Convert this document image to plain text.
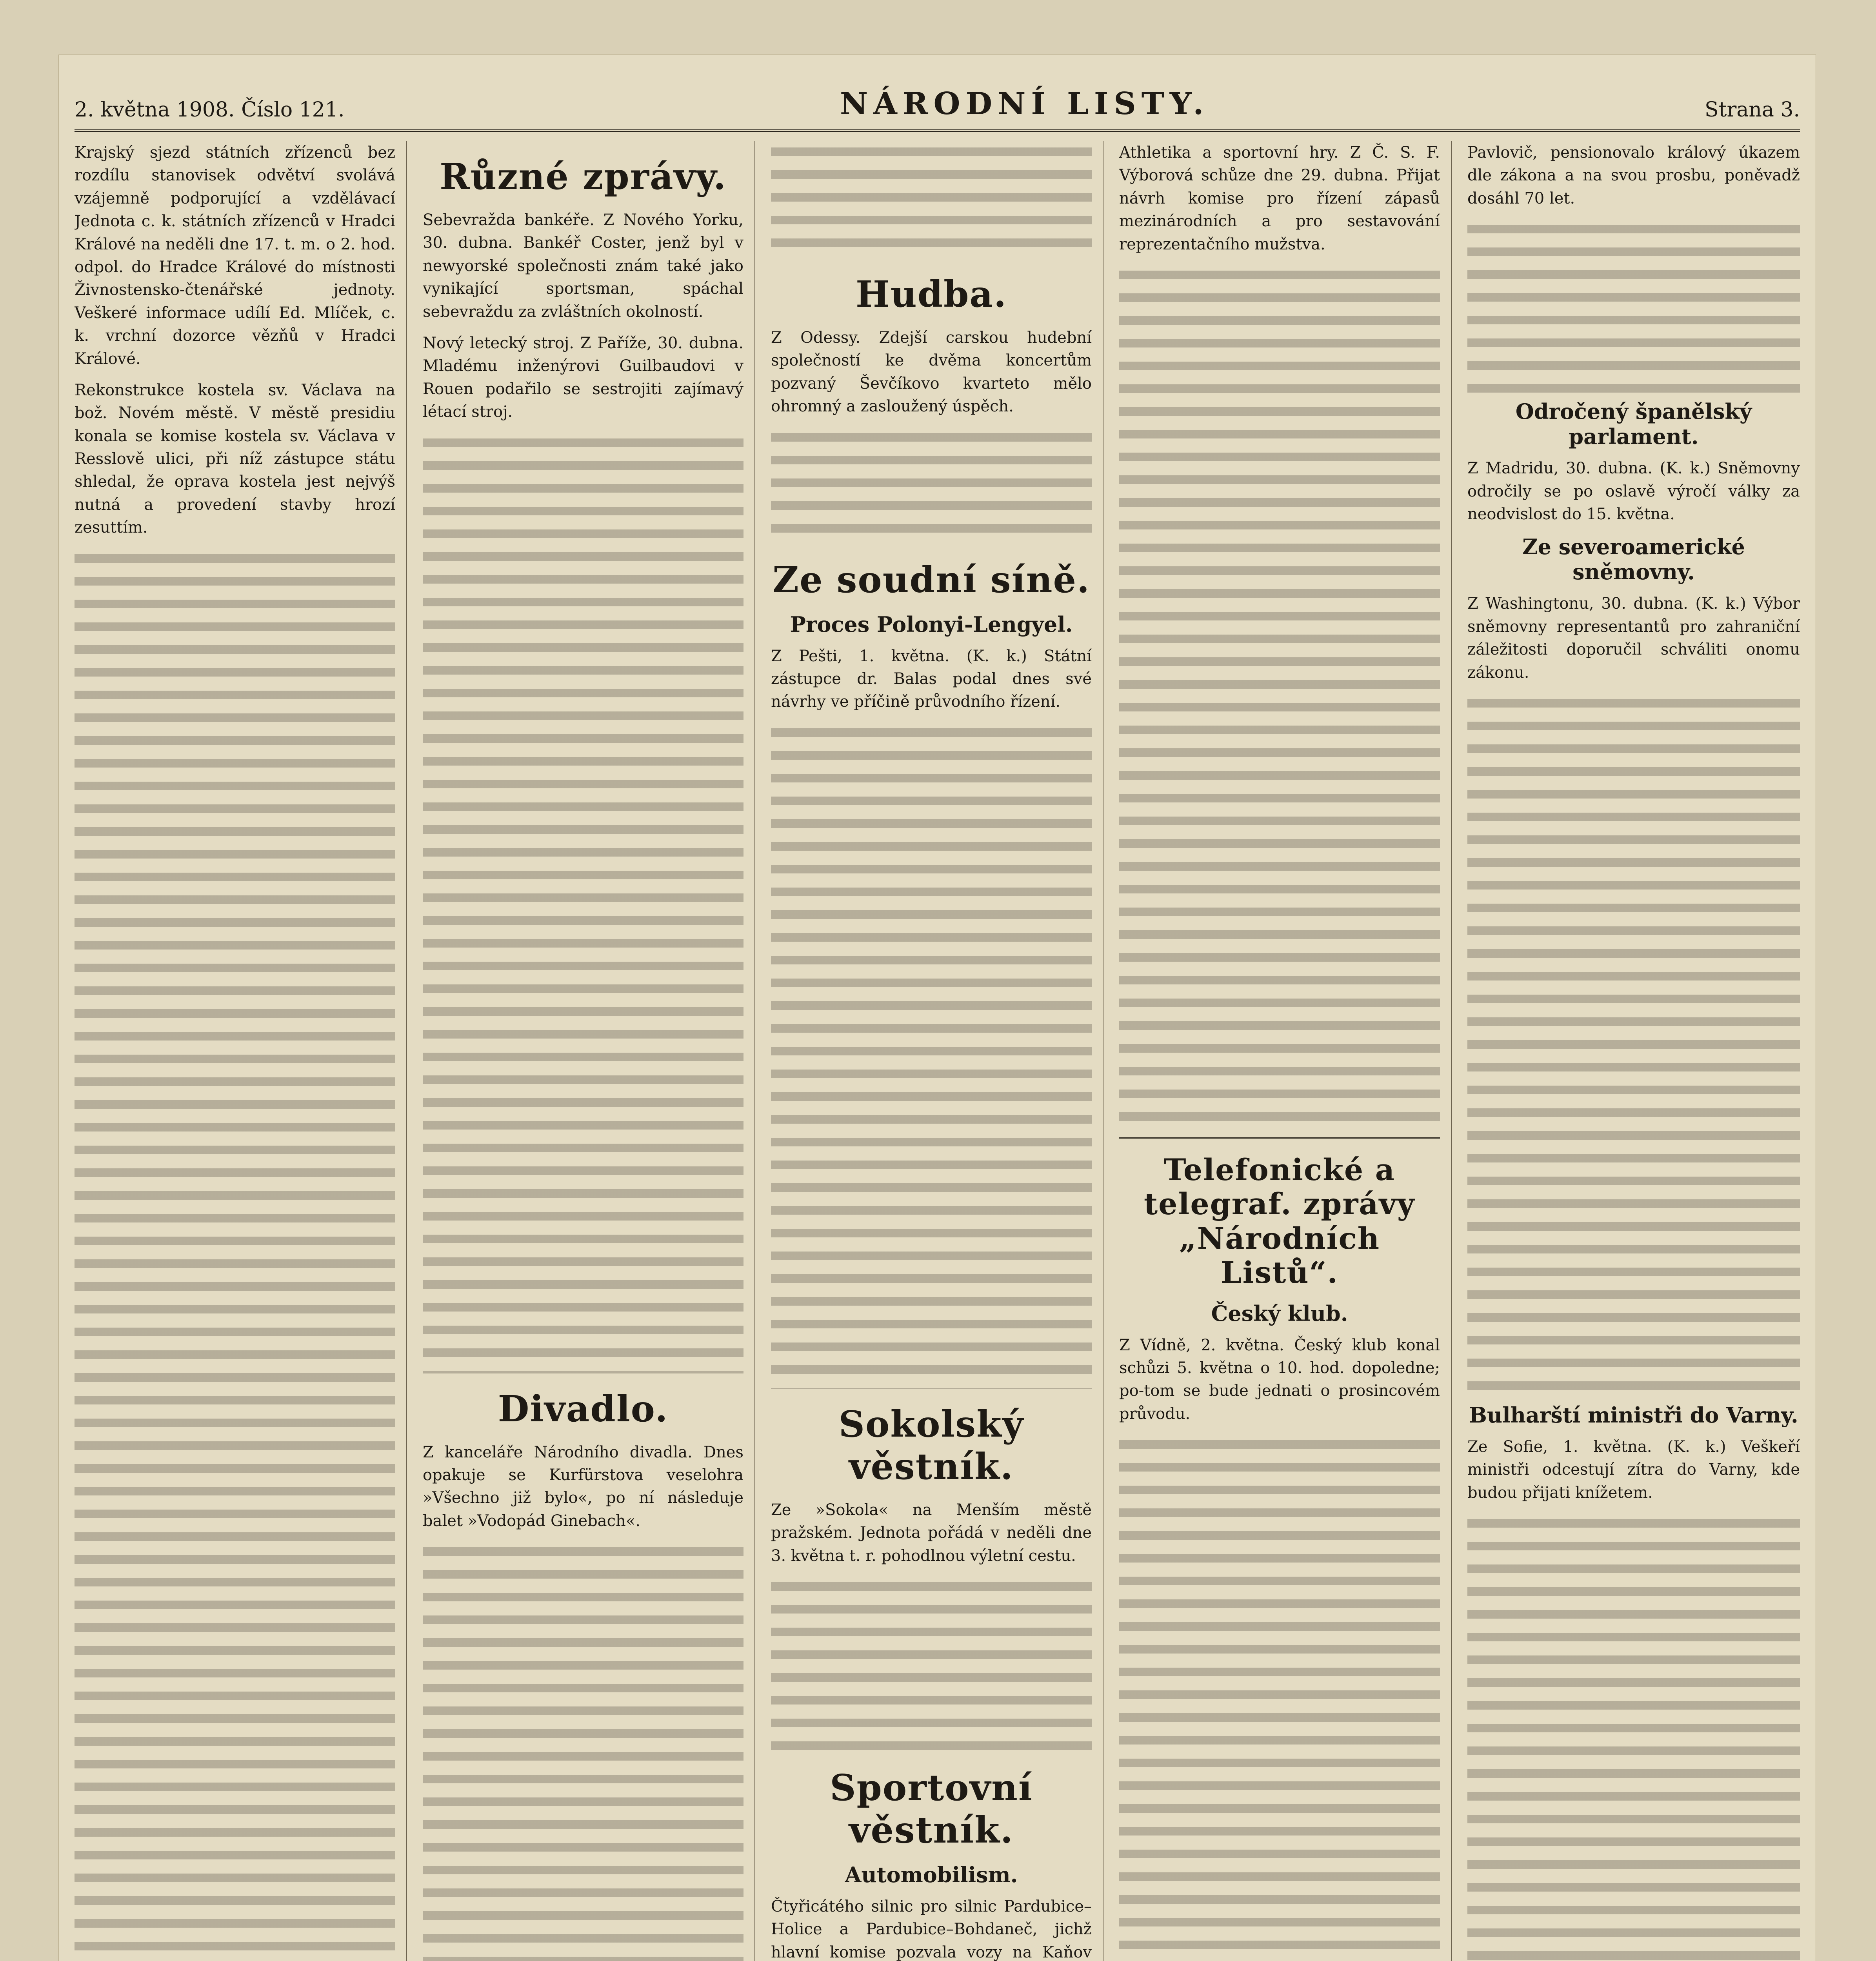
2. května 1908. Číslo 121.	NÁRODNÍ LISTY.	Strana 3.

Krajský sjezd státních zřízenců bez rozdílu stanovisek odvětví svolává vzájemně podporující a vzdělávací Jednota c. k. státních zřízenců v Hradci Králové na neděli dne 17. t. m. o 2. hod. odpol. do Hradce Králové do místnosti Živnostensko-čtenářské jednoty. Veškeré informace udílí Ed. Mlíček, c. k. vrchní dozorce vězňů v Hradci Králové.

Rekonstrukce kostela sv. Václava na bož. Novém městě. V městě presidiu konala se komise kostela sv. Václava v Resslově ulici, při níž zástupce státu shledal, že oprava kostela jest nejvýš nutná a provedení stavby hrozí zesuttím.

Různé zprávy.

Sebevražda bankéře. Z Nového Yorku, 30. dubna. Bankéř Coster, jenž byl v newyorské společnosti znám také jako vynikající sportsman, spáchal sebevraždu za zvláštních okolností.

Nový letecký stroj. Z Paříže, 30. dubna. Mladému inženýrovi Guilbaudovi v Rouen podařilo se sestrojiti zajímavý létací stroj.

Divadlo.

Z kanceláře Národního divadla. Dnes opakuje se Kurfürstova veselohra »Všechno již bylo«, po ní následuje balet »Vodopád Ginebach«.

Hudba.

Z Odessy. Zdejší carskou hudební společností ke dvěma koncertům pozvaný Ševčíkovo kvarteto mělo ohromný a zasloužený úspěch.

Ze soudní síně.
Proces Polonyi-Lengyel.

Z Pešti, 1. května. (K. k.) Státní zástupce dr. Balas podal dnes své návrhy ve příčině průvodního řízení.

Sokolský věstník.

Ze »Sokola« na Menším městě pražském. Jednota pořádá v neděli dne 3. května t. r. pohodlnou výletní cestu.

Sportovní věstník.
Automobilism.

Čtyřicátého silnic pro silnic Pardubice–Holice a Pardubice–Bohdaneč, jichž hlavní komise pozvala vozy na Kaňov

Athletika a sportovní hry. Z Č. S. F. Výborová schůze dne 29. dubna. Přijat návrh komise pro řízení zápasů mezinárodních a pro sestavování reprezentačního mužstva.

Telefonické a telegraf. zprávy „Národních Listů“.
Český klub.

Z Vídně, 2. května. Český klub konal schůzi 5. května o 10. hod. dopoledne; po-tom se bude jednati o prosincovém průvodu.

Pavlovič, pensionovalo králový úkazem dle zákona a na svou prosbu, poněvadž dosáhl 70 let.

Odročený španělský parlament.

Z Madridu, 30. dubna. (K. k.) Sněmovny odročily se po oslavě výročí války za neodvislost do 15. května.

Ze severoamerické sněmovny.

Z Washingtonu, 30. dubna. (K. k.) Výbor sněmovny representantů pro zahraniční záležitosti doporučil schváliti onomu zákonu.

Bulharští ministři do Varny.

Ze Sofie, 1. května. (K. k.) Veškeří ministři odcestují zítra do Varny, kde budou přijati knížetem.
